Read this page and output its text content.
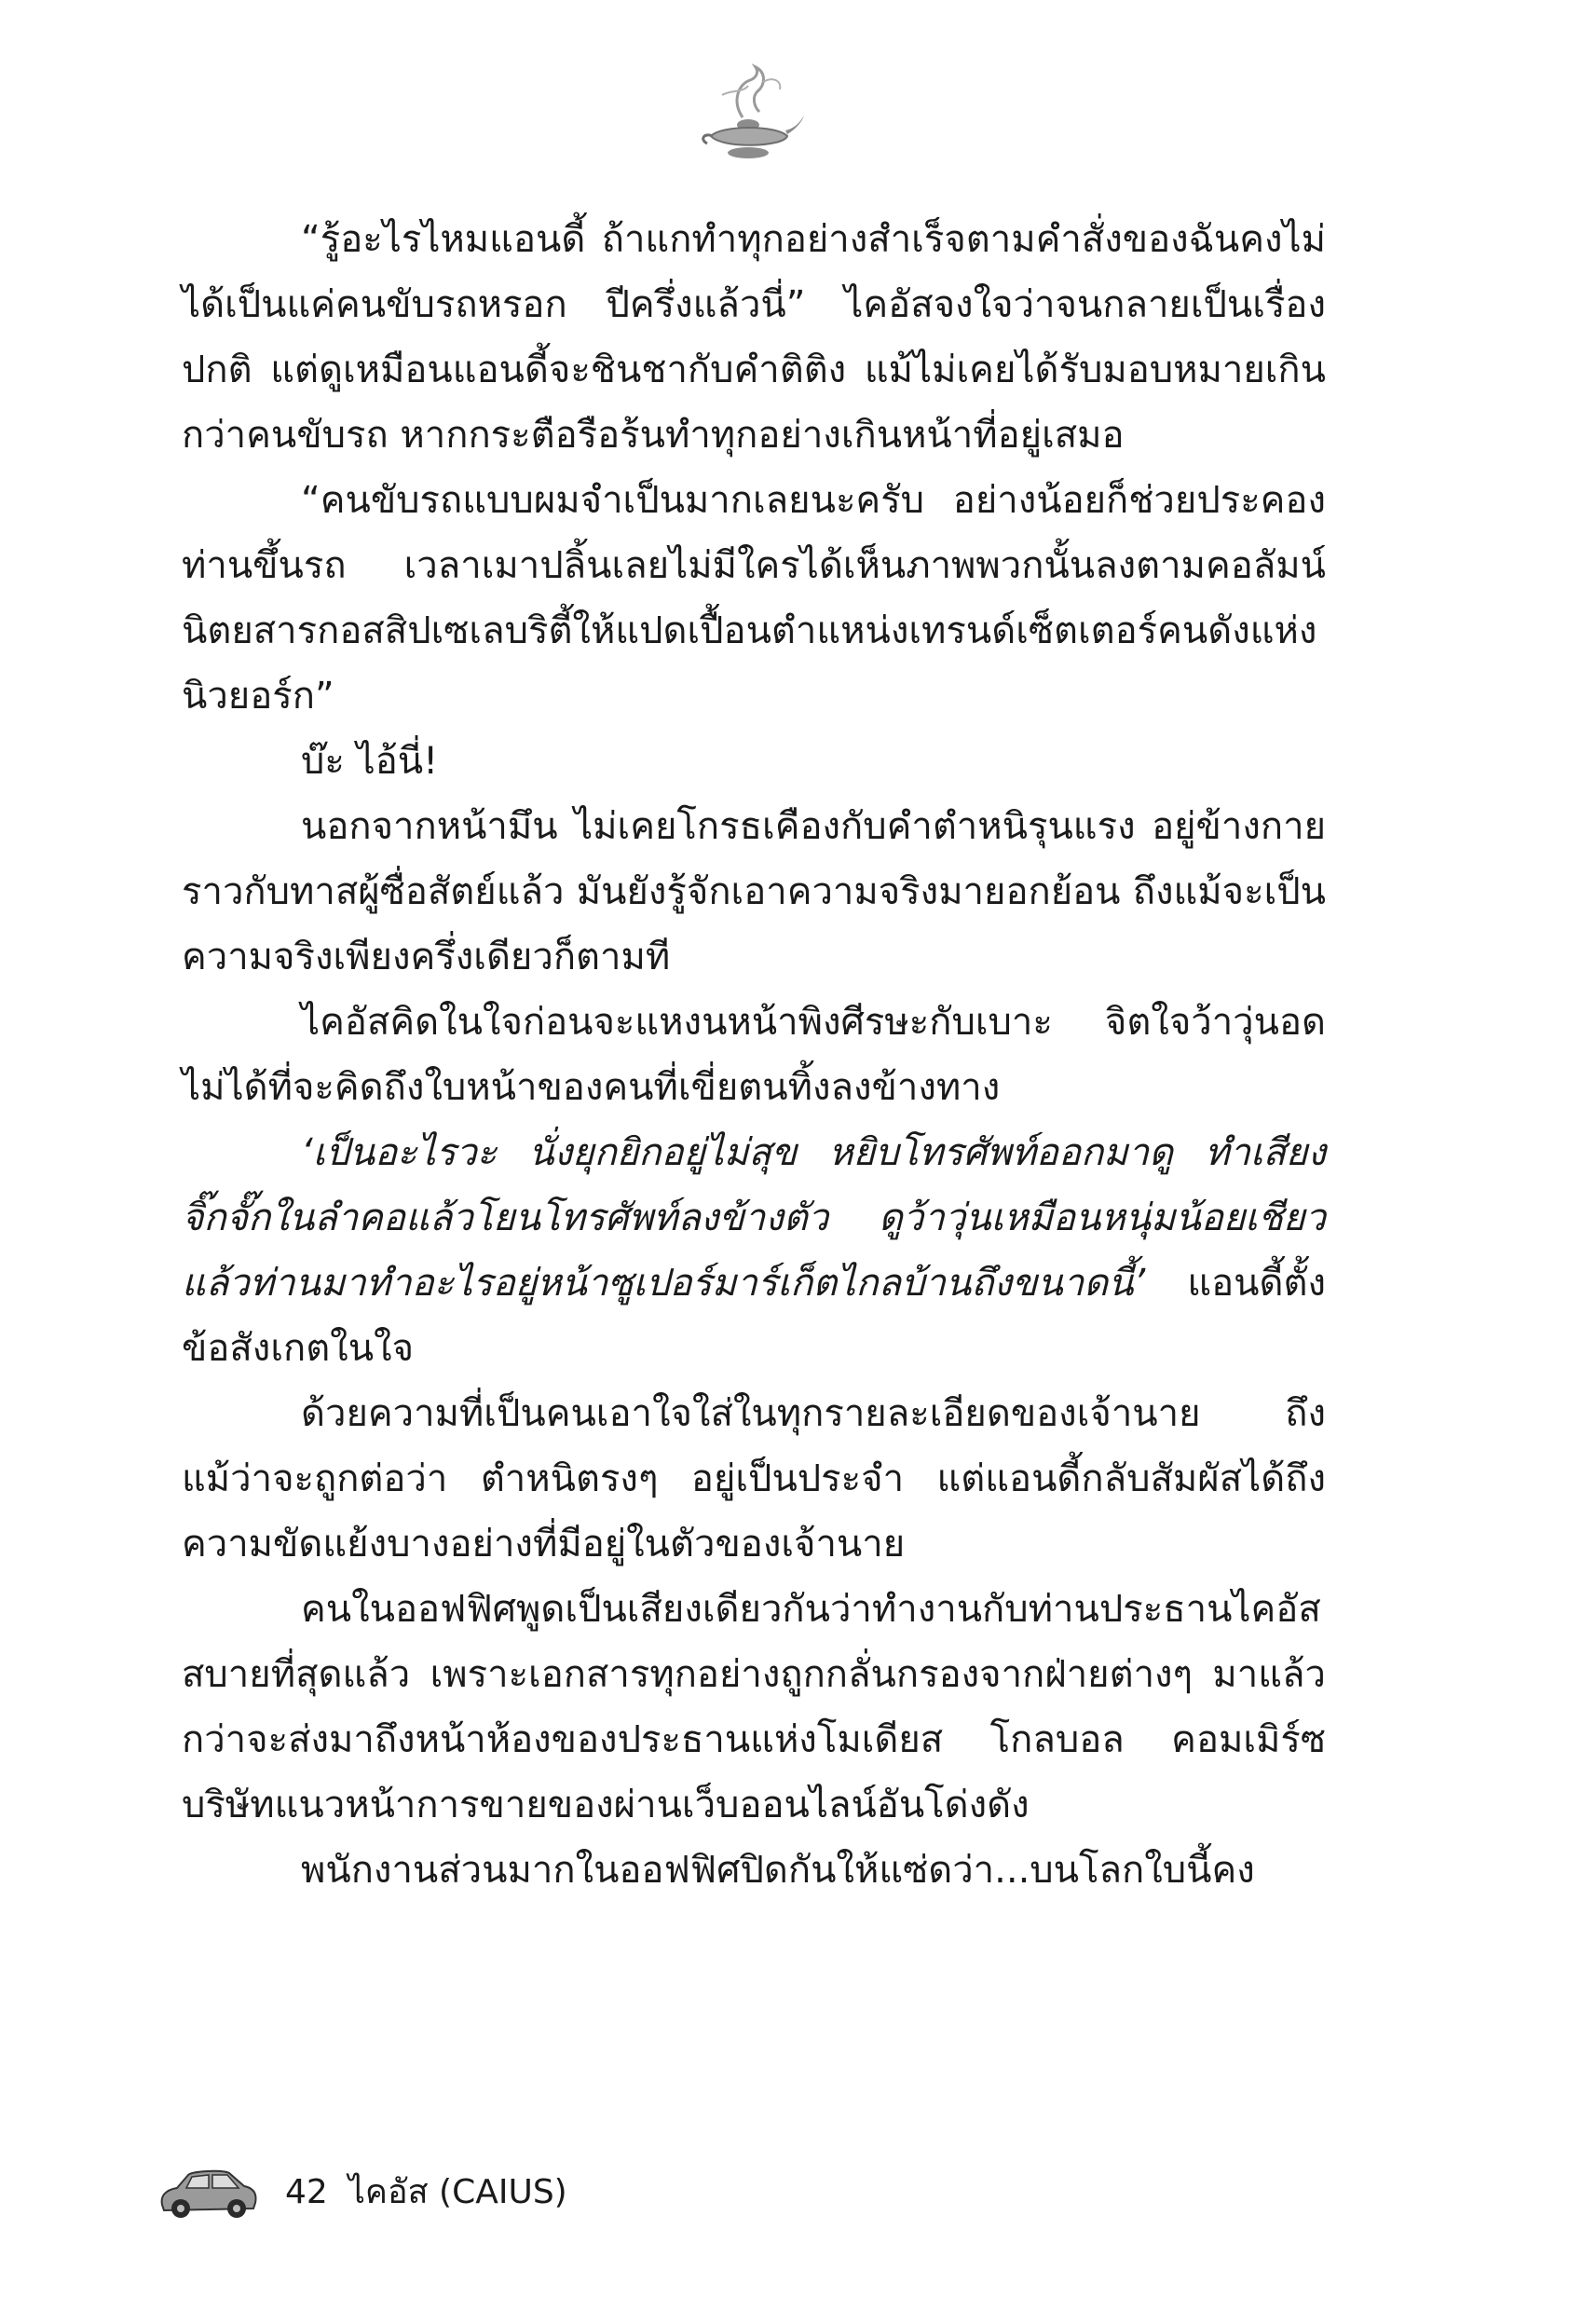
“รู้อะไรไหมแอนดี้ ถ้าแกทำทุกอย่างสำเร็จตามคำสั่งของฉันคงไม่ได้เป็นแค่คนขับรถหรอก ปีครึ่งแล้วนี่” ไคอัสจงใจว่าจนกลายเป็นเรื่องปกติ แต่ดูเหมือนแอนดี้จะชินชากับคำติติง แม้ไม่เคยได้รับมอบหมายเกินกว่าคนขับรถ หากกระตือรือร้นทำทุกอย่างเกินหน้าที่อยู่เสมอ

“คนขับรถแบบผมจำเป็นมากเลยนะครับ อย่างน้อยก็ช่วยประคองท่านขึ้นรถ เวลาเมาปลิ้นเลยไม่มีใครได้เห็นภาพพวกนั้นลงตามคอลัมน์นิตยสารกอสสิปเซเลบริตี้ให้แปดเปื้อนตำแหน่งเทรนด์เซ็ตเตอร์คนดังแห่งนิวยอร์ก”

บ๊ะ ไอ้นี่!

นอกจากหน้ามึน ไม่เคยโกรธเคืองกับคำตำหนิรุนแรง อยู่ข้างกายราวกับทาสผู้ซื่อสัตย์แล้ว มันยังรู้จักเอาความจริงมายอกย้อน ถึงแม้จะเป็นความจริงเพียงครึ่งเดียวก็ตามที

ไคอัสคิดในใจก่อนจะแหงนหน้าพิงศีรษะกับเบาะ จิตใจว้าวุ่นอดไม่ได้ที่จะคิดถึงใบหน้าของคนที่เขี่ยตนทิ้งลงข้างทาง

‘เป็นอะไรวะ นั่งยุกยิกอยู่ไม่สุข หยิบโทรศัพท์ออกมาดู ทำเสียงจิ๊กจั๊กในลำคอแล้วโยนโทรศัพท์ลงข้างตัว ดูว้าวุ่นเหมือนหนุ่มน้อยเชียว แล้วท่านมาทำอะไรอยู่หน้าซูเปอร์มาร์เก็ตไกลบ้านถึงขนาดนี้’ แอนดี้ตั้งข้อสังเกตในใจ

ด้วยความที่เป็นคนเอาใจใส่ในทุกรายละเอียดของเจ้านาย ถึงแม้ว่าจะถูกต่อว่า ตำหนิตรงๆ อยู่เป็นประจำ แต่แอนดี้กลับสัมผัสได้ถึงความขัดแย้งบางอย่างที่มีอยู่ในตัวของเจ้านาย

คนในออฟฟิศพูดเป็นเสียงเดียวกันว่าทำงานกับท่านประธานไคอัสสบายที่สุดแล้ว เพราะเอกสารทุกอย่างถูกกลั่นกรองจากฝ่ายต่างๆ มาแล้ว กว่าจะส่งมาถึงหน้าห้องของประธานแห่งโมเดียส โกลบอล คอมเมิร์ซ บริษัทแนวหน้าการขายของผ่านเว็บออนไลน์อันโด่งดัง

พนักงานส่วนมากในออฟฟิศปิดกันให้แซ่ดว่า...บนโลกใบนี้คง

42 ไคอัส (CAIUS)
